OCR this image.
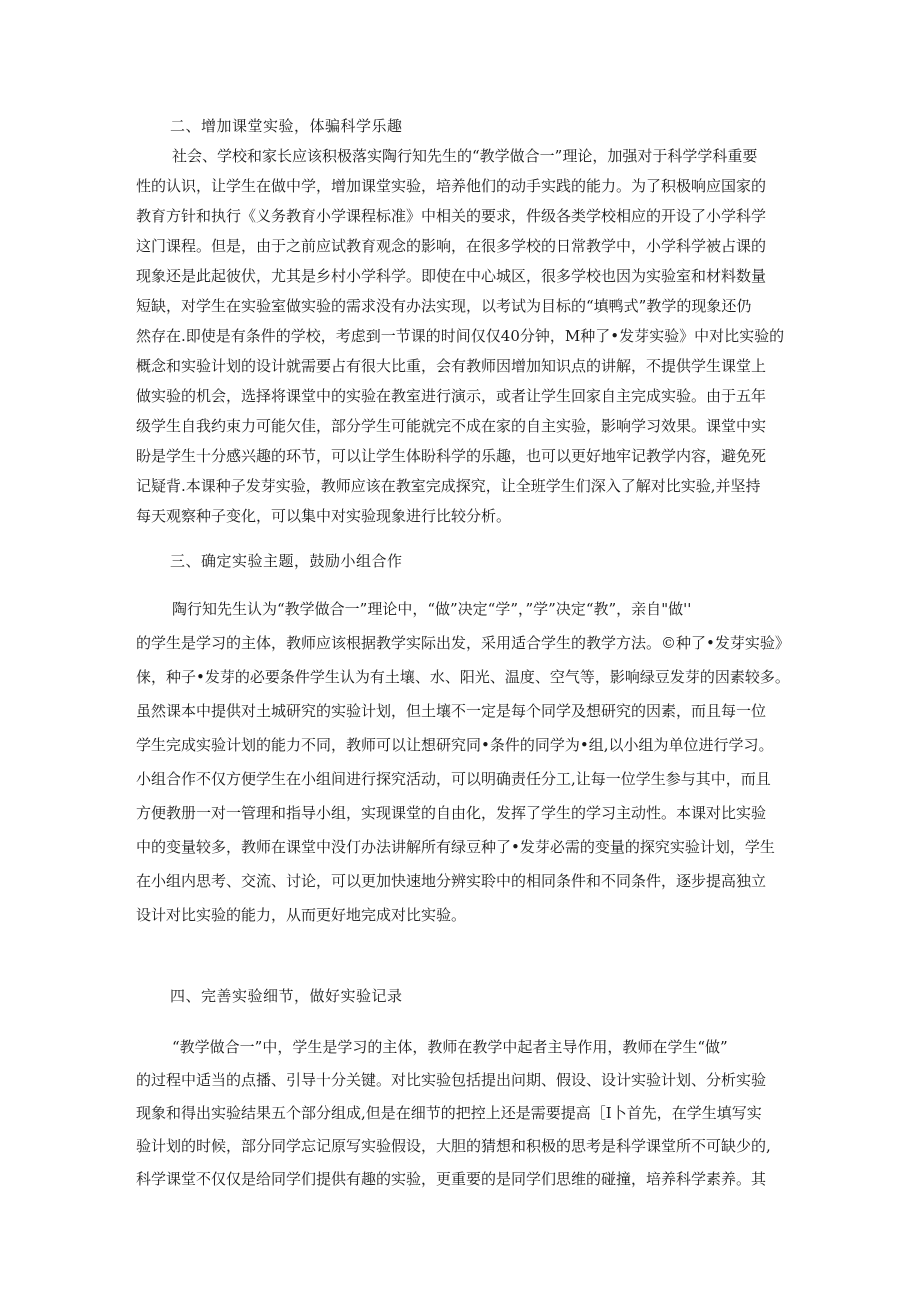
二、增加课堂实验，体骗科学乐趣
社会、学校和家长应该积极落实陶行知先生的“教学做合一”理论，加强对于科学学科重要
性的认识，让学生在做中学，增加课堂实验，培养他们的动手实践的能力。为了积极响应国家的
教育方针和执行《义务教育小学课程标准》中相关的要求，件级各类学校相应的开设了小学科学
这门课程。但是，由于之前应试教育观念的影响，在很多学校的日常教学中，小学科学被占课的
现象还是此起彼伏，尤其是乡村小学科学。即使在中心城区，很多学校也因为实验室和材料数量
短缺，对学生在实验室做实验的需求没有办法实现，以考试为目标的“填鸭式”教学的现象还仍
然存在.即使是有条件的学校，考虑到一节课的时间仅仅40分钟，M种了•发芽实验》中对比实验的
概念和实验计划的设计就需要占有很大比重，会有教师因增加知识点的讲解，不提供学生课堂上
做实验的机会，选择将课堂中的实验在教室进行演示，或者让学生回家自主完成实验。由于五年
级学生自我约束力可能欠佳，部分学生可能就完不成在家的自主实验，影响学习效果。课堂中实
盼是学生十分感兴趣的环节，可以让学生体盼科学的乐趣，也可以更好地牢记教学内容，避免死
记疑背.本课种子发芽实验，教师应该在教室完成探究，让全班学生们深入了解对比实验,并坚持
每天观察种子变化，可以集中对实验现象进行比较分析。
三、确定实验主题，鼓励小组合作
陶行知先生认为“教学做合一”理论中，“做”决定“学”，”学”决定“教”，亲自"做''
的学生是学习的主体，教师应该根据教学实际出发，采用适合学生的教学方法。©种了•发芽实验》
俫，种子•发芽的必要条件学生认为有土壤、水、阳光、温度、空气等，影响绿豆发芽的因素较多。
虽然课本中提供对土城研究的实验计划，但土壤不一定是每个同学及想研究的因素，而且每一位
学生完成实验计划的能力不同，教师可以让想研究同•条件的同学为•组,以小组为单位进行学习。
小组合作不仅方便学生在小组间进行探究活动，可以明确责任分工,让每一位学生参与其中，而且
方便教册一对一管理和指导小组，实现课堂的自由化，发挥了学生的学习主动性。本课对比实验
中的变量较多，教师在课堂中没仃办法讲解所有绿豆种了•发芽必需的变量的探究实验计划，学生
在小组内思考、交流、讨论，可以更加快速地分辨实聆中的相同条件和不同条件，逐步提高独立
设计对比实验的能力，从而更好地完成对比实验。
四、完善实验细节，做好实验记录
“教学做合一”中，学生是学习的主体，教师在教学中起者主导作用，教师在学生“做”
的过程中适当的点播、引导十分关键。对比实验包括提出问期、假设、设计实验计划、分析实验
现象和得出实验结果五个部分组成,但是在细节的把控上还是需要提高［I卜首先，在学生填写实
验计划的时候，部分同学忘记原写实验假设，大胆的猜想和积极的思考是科学课堂所不可缺少的,
科学课堂不仅仅是给同学们提供有趣的实验，更重要的是同学们思维的碰撞，培养科学素养。其
